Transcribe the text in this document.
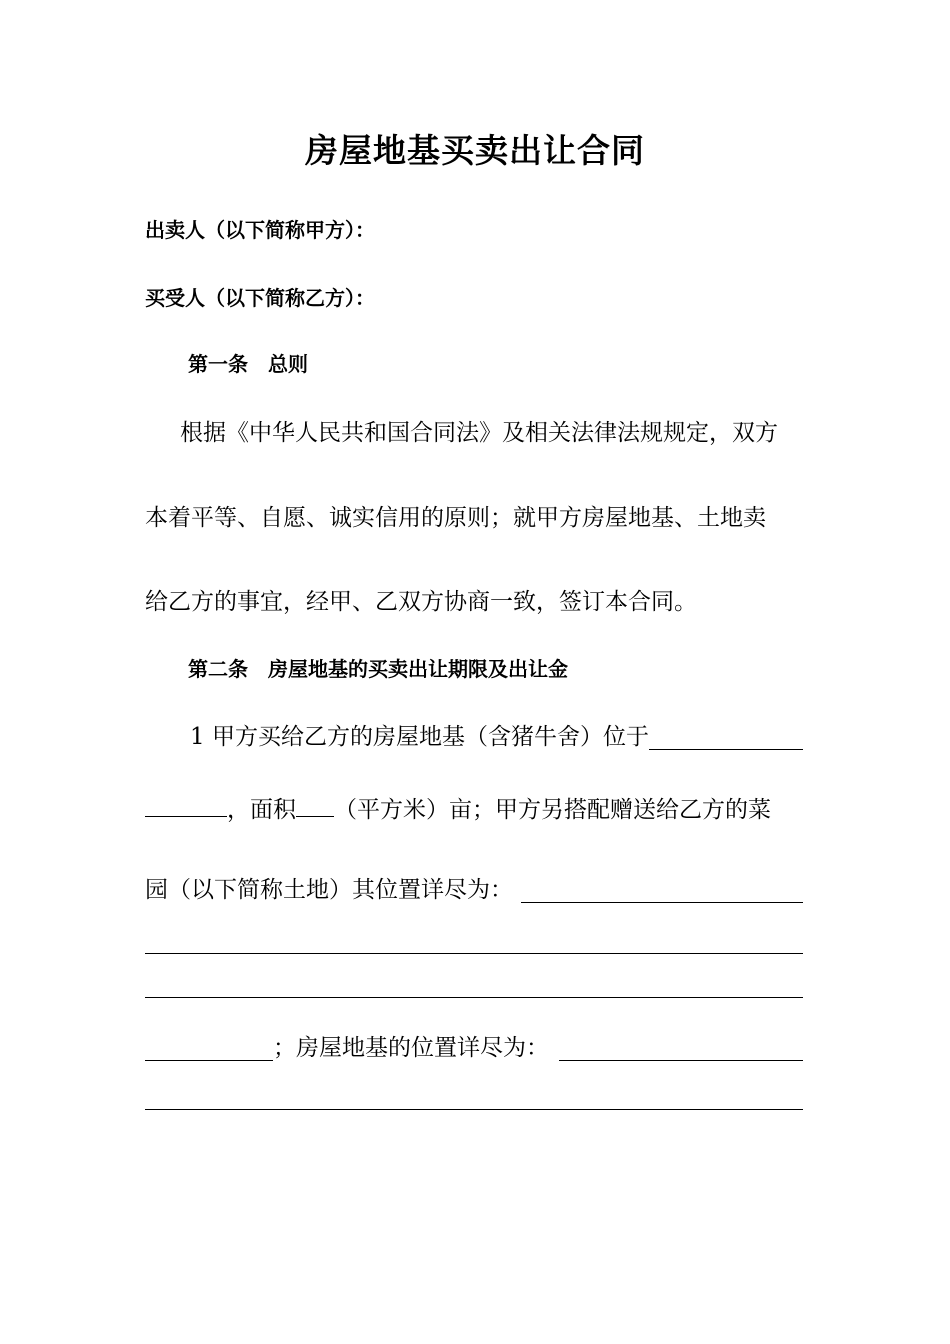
房屋地基买卖出让合同
出卖人（以下简称甲方）：
买受人（以下简称乙方）：
第一条　总则
根据《中华人民共和国合同法》及相关法律法规规定，双方
本着平等、自愿、诚实信用的原则；就甲方房屋地基、土地卖
给乙方的事宜，经甲、乙双方协商一致，签订本合同。
第二条　房屋地基的买卖出让期限及出让金
1 甲方买给乙方的房屋地基（含猪牛舍）位于
，面积 （平方米）亩；甲方另搭配赠送给乙方的菜
园（以下简称土地）其位置详尽为：
；房屋地基的位置详尽为：
